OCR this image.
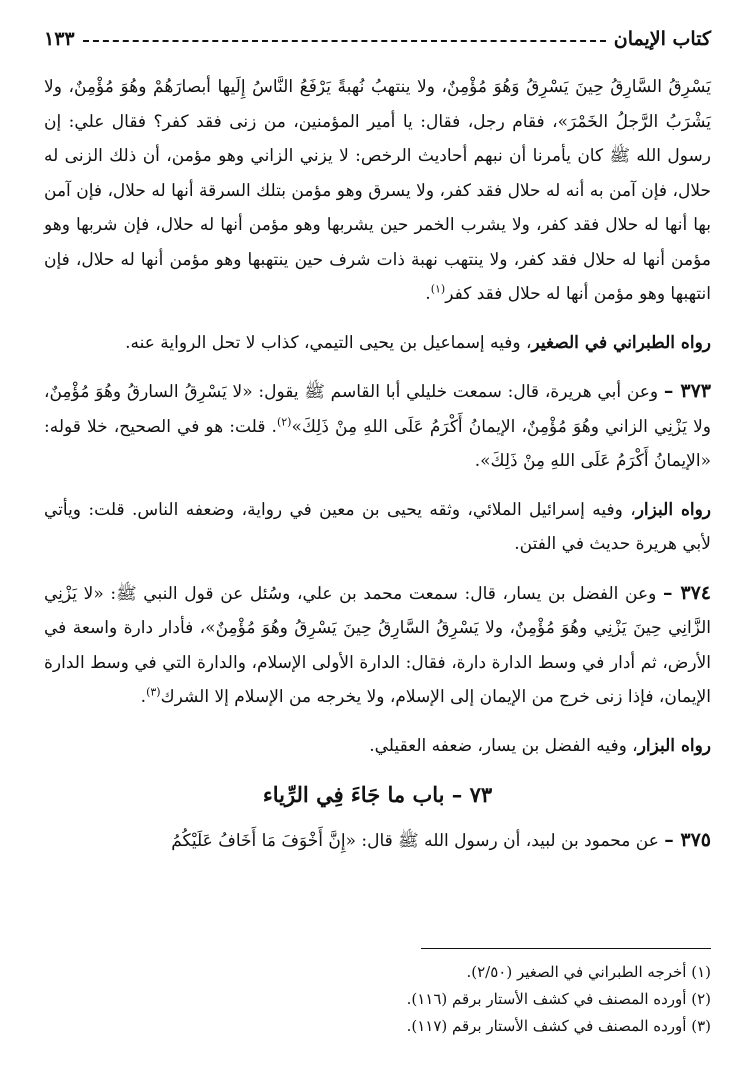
كتاب الإيمان
١٣٣

يَسْرِقُ السَّارِقُ حِينَ يَسْرِقُ وَهُوَ مُؤْمِنٌ، ولا ينتهبُ نُهبةً يَرْفَعُ النَّاسُ إِلَيها أبصارَهُمْ وهُوَ مُؤْمِنٌ، ولا يَشْرَبُ الرَّجلُ الخَمْرَ»، فقام رجل، فقال: يا أمير المؤمنين، من زنى فقد كفر؟ فقال علي: إن رسول الله ﷺ كان يأمرنا أن نبهم أحاديث الرخص: لا يزني الزاني وهو مؤمن، أن ذلك الزنى له حلال، فإن آمن به أنه له حلال فقد كفر، ولا يسرق وهو مؤمن بتلك السرقة أنها له حلال، فإن آمن بها أنها له حلال فقد كفر، ولا يشرب الخمر حين يشربها وهو مؤمن أنها له حلال، فإن شربها وهو مؤمن أنها له حلال فقد كفر، ولا ينتهب نهبة ذات شرف حين ينتهبها وهو مؤمن أنها له حلال، فإن انتهبها وهو مؤمن أنها له حلال فقد كفر$^{(١)}$.

رواه الطبراني في الصغير، وفيه إسماعيل بن يحيى التيمي، كذاب لا تحل الرواية عنه.

٣٧٣ – وعن أبي هريرة، قال: سمعت خليلي أبا القاسم ﷺ يقول: «لا يَسْرِقُ السارقُ وهُوَ مُؤْمِنٌ، ولا يَزْنِي الزاني وهُوَ مُؤْمِنٌ، الإيمانُ أَكْرَمُ عَلَى اللهِ مِنْ ذَلِكَ»$^{(٢)}$. قلت: هو في الصحيح، خلا قوله: «الإيمانُ أَكْرَمُ عَلَى اللهِ مِنْ ذَلِكَ».

رواه البزار، وفيه إسرائيل الملائي، وثقه يحيى بن معين في رواية، وضعفه الناس. قلت: ويأتي لأبي هريرة حديث في الفتن.

٣٧٤ – وعن الفضل بن يسار، قال: سمعت محمد بن علي، وسُئل عن قول النبي ﷺ: «لا يَزْنِي الزَّانِي حِينَ يَزْنِي وهُوَ مُؤْمِنٌ، ولا يَسْرِقُ السَّارِقُ حِينَ يَسْرِقُ وهُوَ مُؤْمِنٌ»، فأدار دارة واسعة في الأرض، ثم أدار في وسط الدارة دارة، فقال: الدارة الأولى الإسلام، والدارة التي في وسط الدارة الإيمان، فإذا زنى خرج من الإيمان إلى الإسلام، ولا يخرجه من الإسلام إلا الشرك$^{(٣)}$.

رواه البزار، وفيه الفضل بن يسار، ضعفه العقيلي.

٧٣ – باب ما جَاءَ فِي الرِّياء

٣٧٥ – عن محمود بن لبيد، أن رسول الله ﷺ قال: «إِنَّ أَخْوَفَ مَا أَخَافُ عَلَيْكُمُ

(١) أخرجه الطبراني في الصغير (٢/٥٠).
(٢) أورده المصنف في كشف الأستار برقم (١١٦).
(٣) أورده المصنف في كشف الأستار برقم (١١٧).
